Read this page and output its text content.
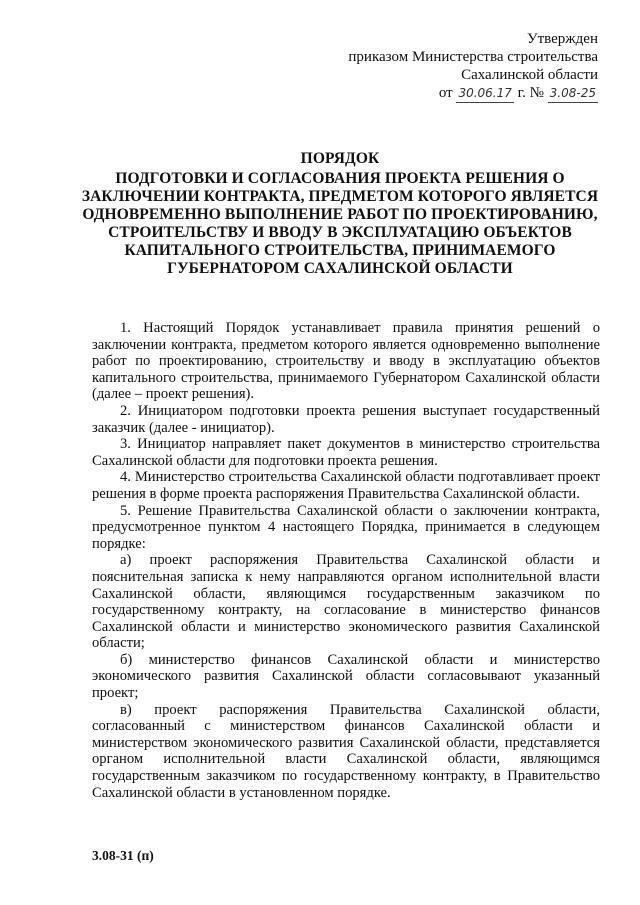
Утвержден
приказом Министерства строительства
Сахалинской области
от 30.06.17 г. № 3.08-25
ПОРЯДОК
ПОДГОТОВКИ И СОГЛАСОВАНИЯ ПРОЕКТА РЕШЕНИЯ О ЗАКЛЮЧЕНИИ КОНТРАКТА, ПРЕДМЕТОМ КОТОРОГО ЯВЛЯЕТСЯ ОДНОВРЕМЕННО ВЫПОЛНЕНИЕ РАБОТ ПО ПРОЕКТИРОВАНИЮ, СТРОИТЕЛЬСТВУ И ВВОДУ В ЭКСПЛУАТАЦИЮ ОБЪЕКТОВ КАПИТАЛЬНОГО СТРОИТЕЛЬСТВА, ПРИНИМАЕМОГО ГУБЕРНАТОРОМ САХАЛИНСКОЙ ОБЛАСТИ

1. Настоящий Порядок устанавливает правила принятия решений о заключении контракта, предметом которого является одновременно выполнение работ по проектированию, строительству и вводу в эксплуатацию объектов капитального строительства, принимаемого Губернатором Сахалинской области (далее – проект решения).

2. Инициатором подготовки проекта решения выступает государственный заказчик (далее - инициатор).

3. Инициатор направляет пакет документов в министерство строительства Сахалинской области для подготовки проекта решения.

4. Министерство строительства Сахалинской области подготавливает проект решения в форме проекта распоряжения Правительства Сахалинской области.

5. Решение Правительства Сахалинской области о заключении контракта, предусмотренное пунктом 4 настоящего Порядка, принимается в следующем порядке:

а) проект распоряжения Правительства Сахалинской области и пояснительная записка к нему направляются органом исполнительной власти Сахалинской области, являющимся государственным заказчиком по государственному контракту, на согласование в министерство финансов Сахалинской области и министерство экономического развития Сахалинской области;

б) министерство финансов Сахалинской области и министерство экономического развития Сахалинской области согласовывают указанный проект;

в) проект распоряжения Правительства Сахалинской области, согласованный с министерством финансов Сахалинской области и министерством экономического развития Сахалинской области, представляется органом исполнительной власти Сахалинской области, являющимся государственным заказчиком по государственному контракту, в Правительство Сахалинской области в установленном порядке.

3.08-31 (п)
